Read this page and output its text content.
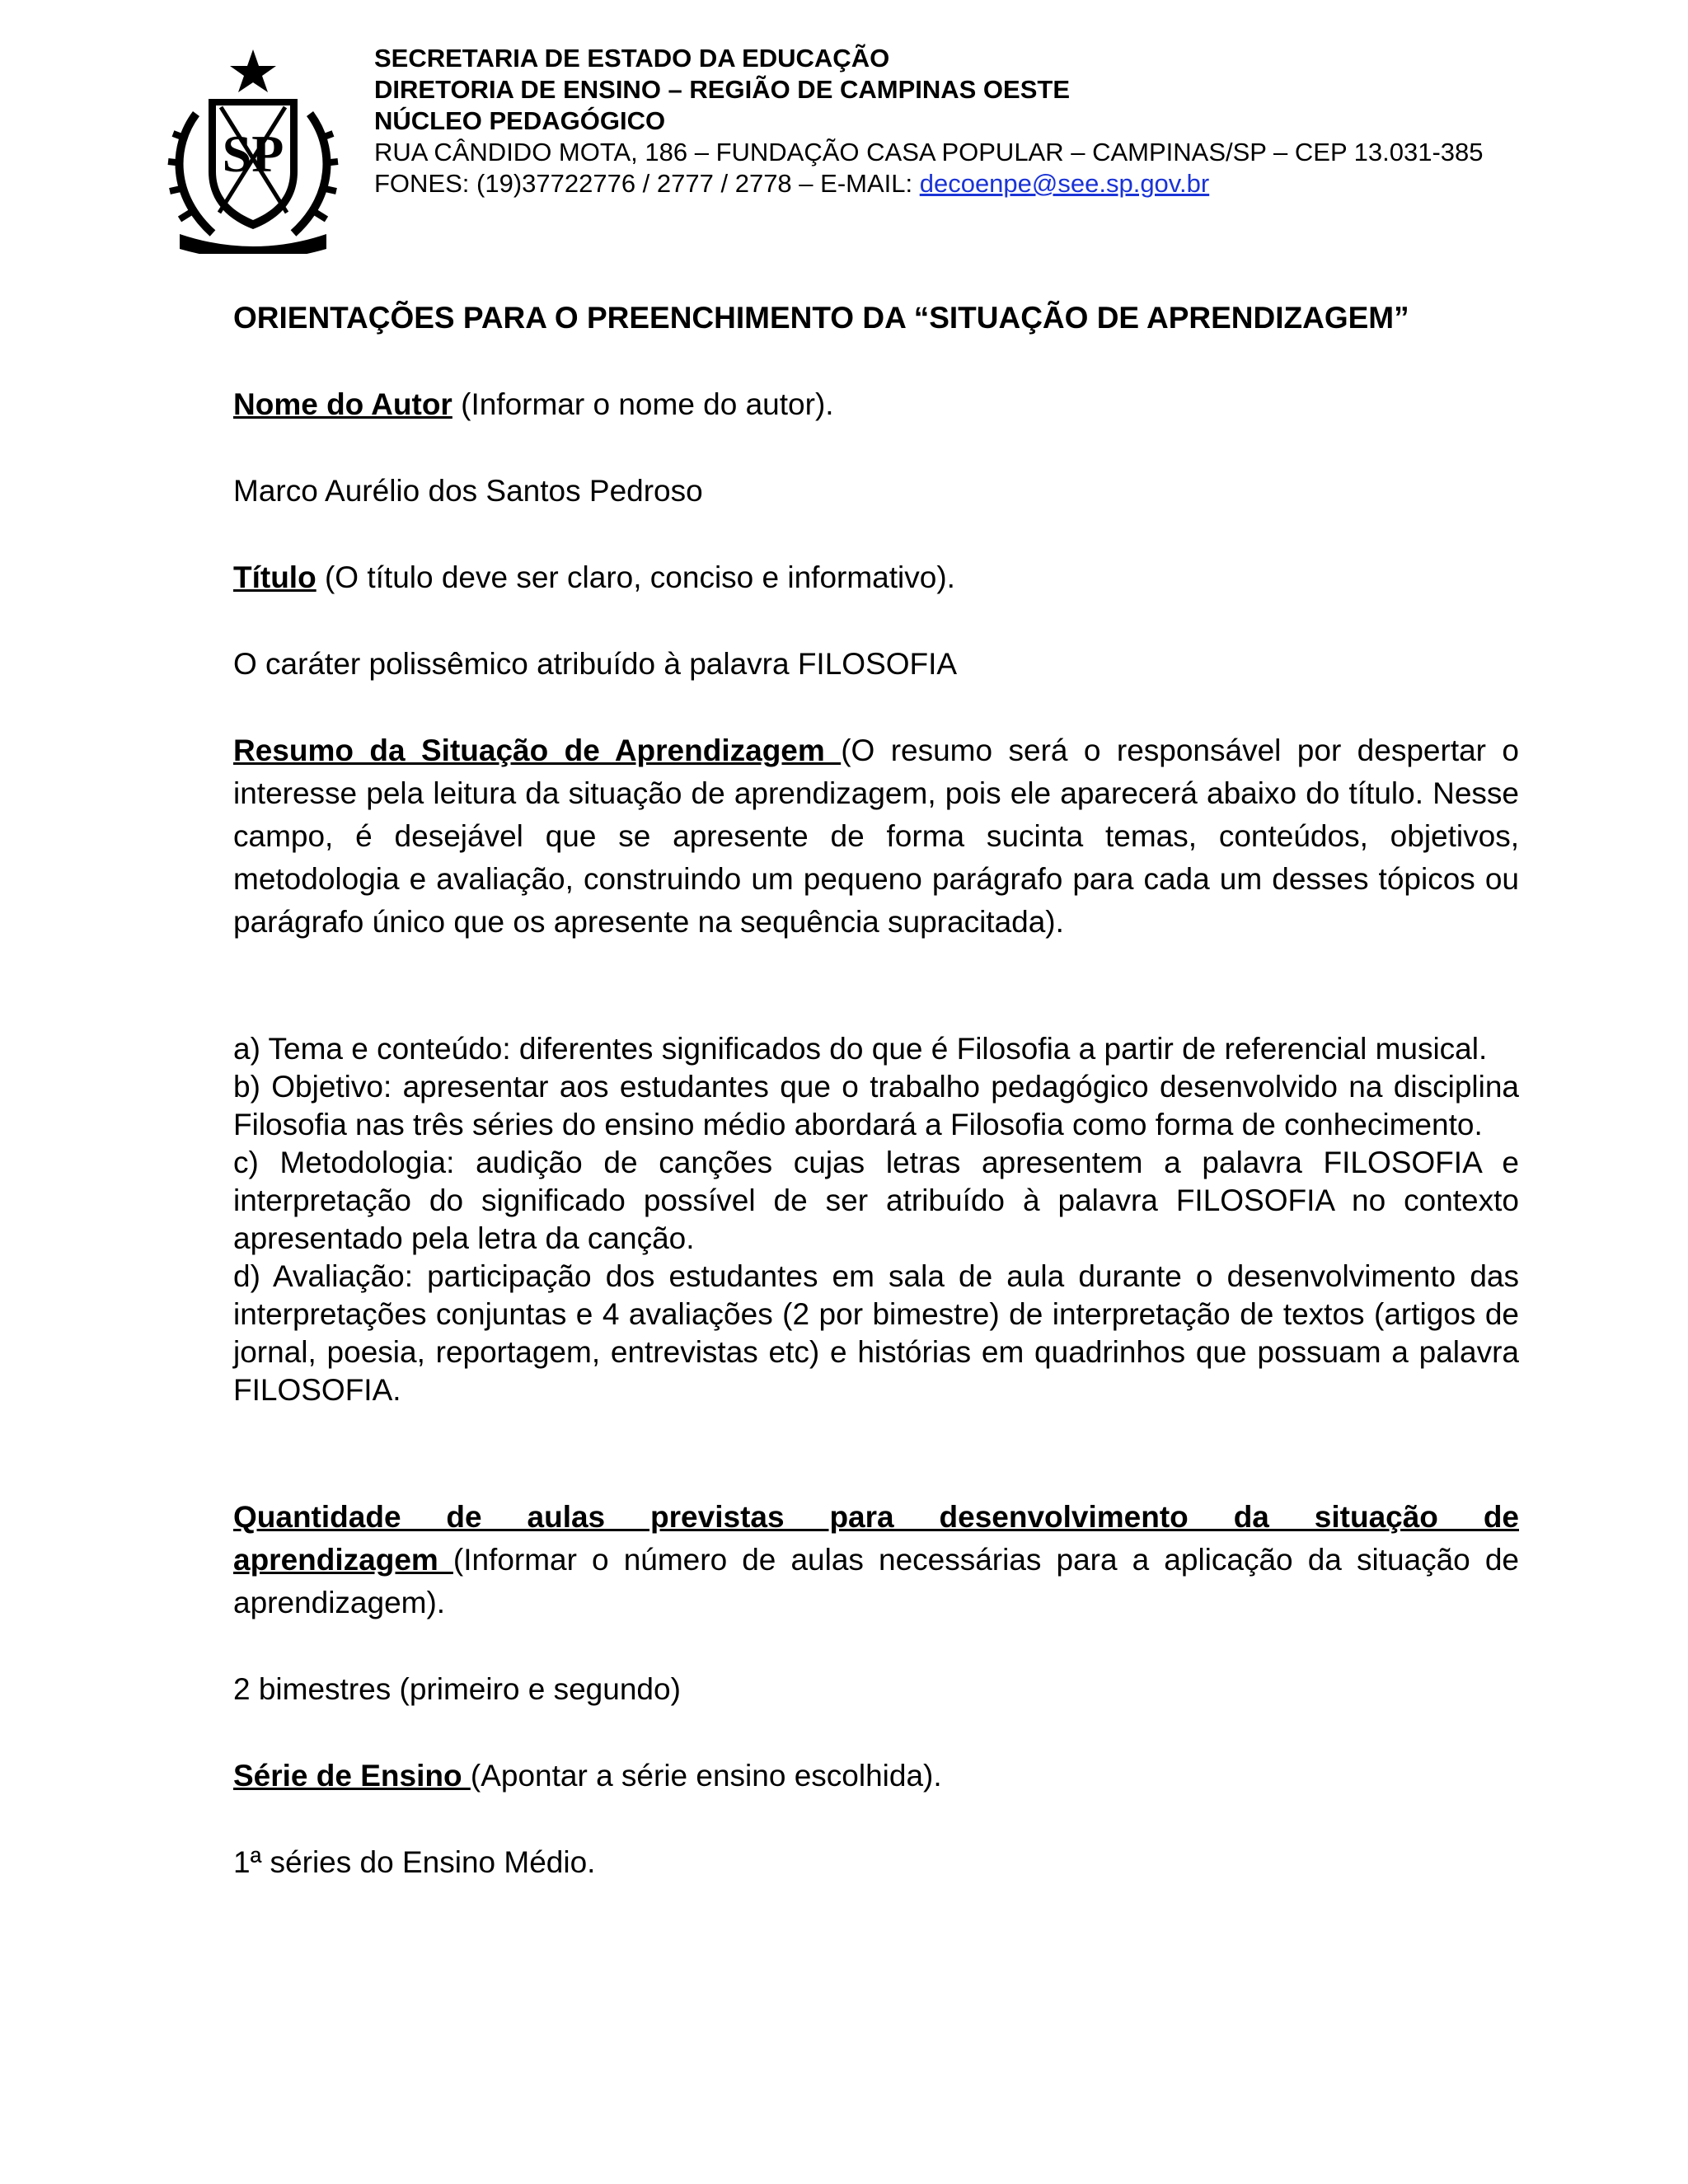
SP
SECRETARIA DE ESTADO DA EDUCAÇÃO
DIRETORIA DE ENSINO – REGIÃO DE CAMPINAS OESTE
NÚCLEO PEDAGÓGICO
RUA CÂNDIDO MOTA, 186 – FUNDAÇÃO CASA POPULAR – CAMPINAS/SP – CEP 13.031-385
FONES: (19)37722776 / 2777 / 2778 – E-MAIL: decoenpe@see.sp.gov.br
ORIENTAÇÕES PARA O PREENCHIMENTO DA “SITUAÇÃO DE APRENDIZAGEM”
Nome do Autor (Informar o nome do autor).
Marco Aurélio dos Santos Pedroso
Título (O título deve ser claro, conciso e informativo).
O caráter polissêmico atribuído à palavra FILOSOFIA
Resumo da Situação de Aprendizagem (O resumo será o responsável por despertar o interesse pela leitura da situação de aprendizagem, pois ele aparecerá abaixo do título. Nesse campo, é desejável que se apresente de forma sucinta temas, conteúdos, objetivos, metodologia e avaliação, construindo um pequeno parágrafo para cada um desses tópicos ou parágrafo único que os apresente na sequência supracitada).
a) Tema e conteúdo: diferentes significados do que é Filosofia a partir de referencial musical.
b) Objetivo: apresentar aos estudantes que o trabalho pedagógico desenvolvido na disciplina Filosofia nas três séries do ensino médio abordará a Filosofia como forma de conhecimento.
c) Metodologia: audição de canções cujas letras apresentem a palavra FILOSOFIA e interpretação do significado possível de ser atribuído à palavra FILOSOFIA no contexto apresentado pela letra da canção.
d) Avaliação: participação dos estudantes em sala de aula durante o desenvolvimento das interpretações conjuntas e 4 avaliações (2 por bimestre) de interpretação de textos (artigos de jornal, poesia, reportagem, entrevistas etc) e histórias em quadrinhos que possuam a palavra FILOSOFIA.
Quantidade de aulas previstas para desenvolvimento da situação de
aprendizagem (Informar o número de aulas necessárias para a aplicação da situação de aprendizagem).
2 bimestres (primeiro e segundo)
Série de Ensino (Apontar a série ensino escolhida).
1ª séries do Ensino Médio.
